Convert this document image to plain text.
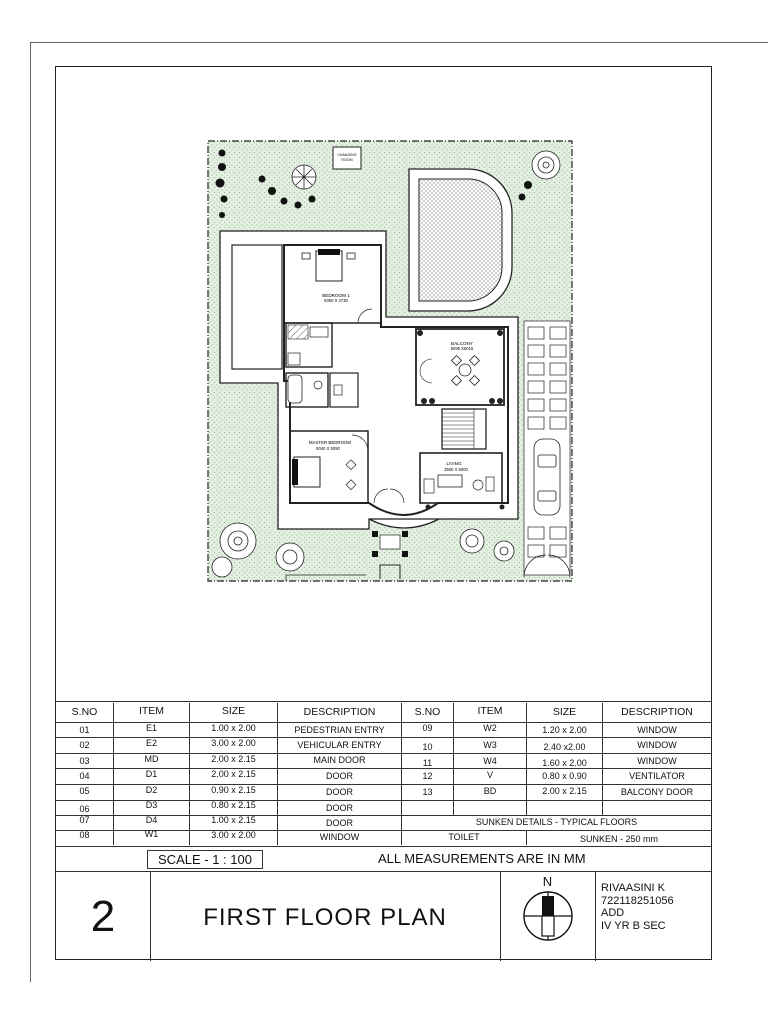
CHANGING
ROOM
BEDROOM 1
5050 X 4730
MASTER BEDROOM
5040 X 5050
BALCONY
5095 X5015
LIVING
3500 X 5000
S.NO	ITEM	SIZE	DESCRIPTION	S.NO	ITEM	SIZE	DESCRIPTION
01	E1	1.00 x 2.00	PEDESTRIAN ENTRY	09	W2	1.20 x 2.00	WINDOW
02	E2	3.00 x 2.00	VEHICULAR ENTRY	10	W3	2.40 x2.00	WINDOW
03	MD	2.00 x 2.15	MAIN DOOR	11	W4	1.60 x 2.00	WINDOW
04	D1	2.00 x 2.15	DOOR	12	V	0.80 x 0.90	VENTILATOR
05	D2	0.90 x 2.15	DOOR	13	BD	2.00 x 2.15	BALCONY DOOR
06	D3	0.80 x 2.15	DOOR
07	D4	1.00 x 2.15	DOOR	SUNKEN DETAILS - TYPICAL FLOORS
08	W1	3.00 x 2.00	WINDOW	TOILET	SUNKEN - 250 mm
SCALE - 1 : 100	ALL MEASUREMENTS ARE IN MM
2	FIRST FLOOR PLAN
N	RIVAASINI K
722118251056
ADD
IV YR B SEC
